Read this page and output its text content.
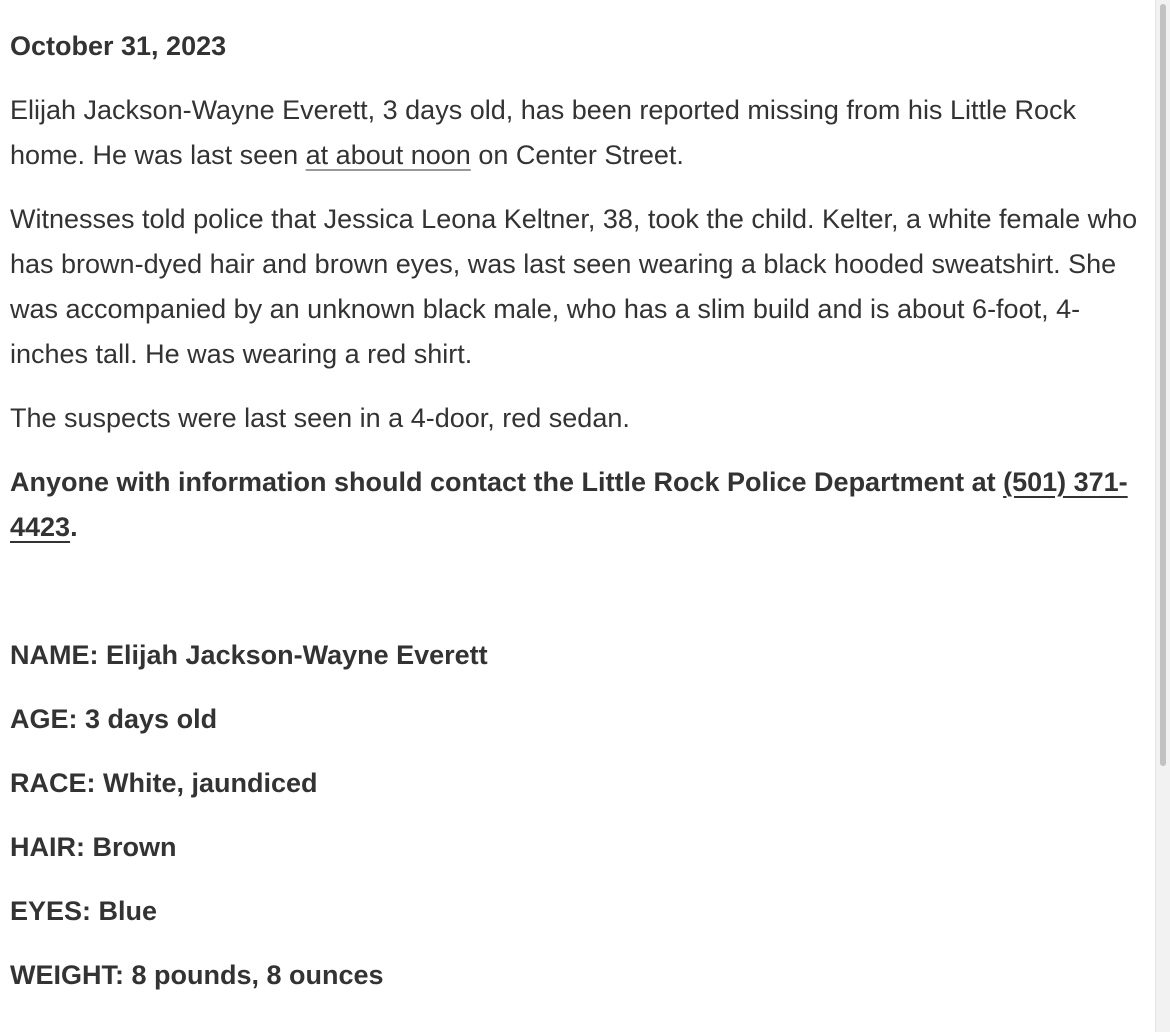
October 31, 2023

Elijah Jackson-Wayne Everett, 3 days old, has been reported missing from his Little Rock home. He was last seen at about noon on Center Street.

Witnesses told police that Jessica Leona Keltner, 38, took the child. Kelter, a white female who has brown-dyed hair and brown eyes, was last seen wearing a black hooded sweatshirt. She was accompanied by an unknown black male, who has a slim build and is about 6-foot, 4-inches tall. He was wearing a red shirt.

The suspects were last seen in a 4-door, red sedan.

Anyone with information should contact the Little Rock Police Department at (501) 371-4423.

NAME: Elijah Jackson-Wayne Everett

AGE: 3 days old

RACE: White, jaundiced

HAIR: Brown

EYES: Blue

WEIGHT: 8 pounds, 8 ounces
